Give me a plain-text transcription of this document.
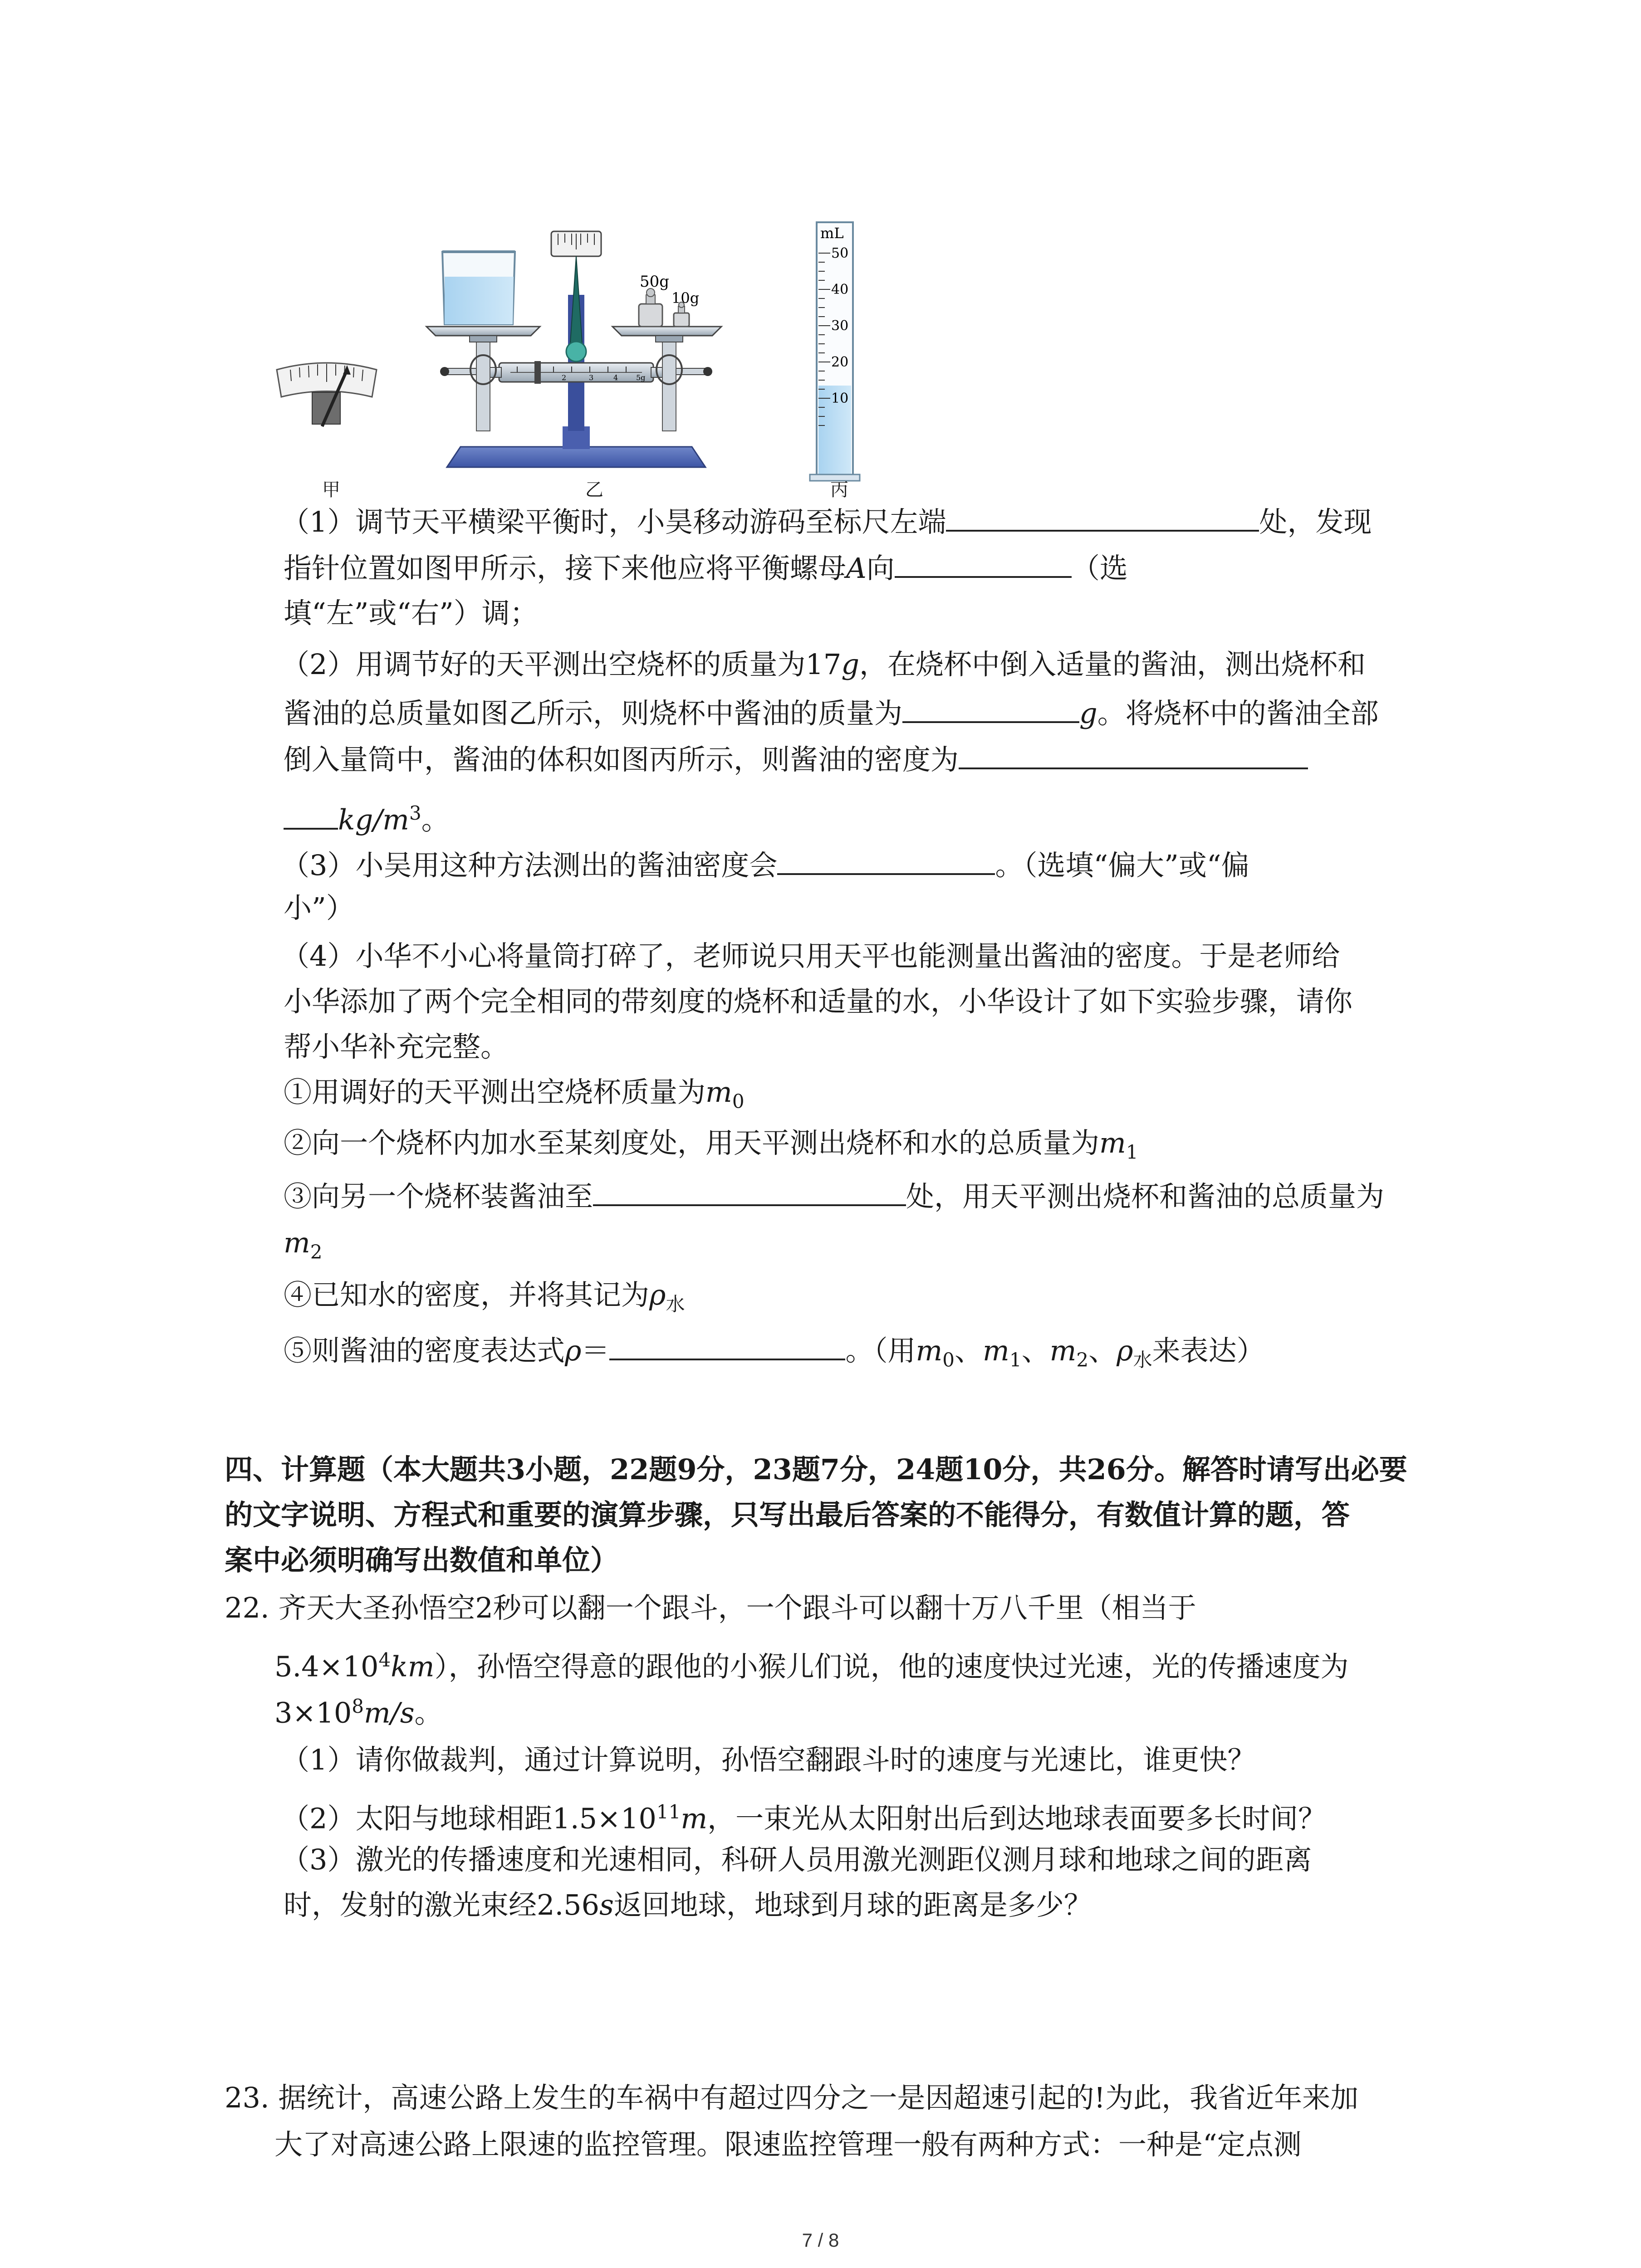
2	3	4 5g
50g
10g
mL
50
40
30
20
10
甲	乙	丙
（1）调节天平横梁平衡时，小昊移动游码至标尺左端	处，发现
指针位置如图甲所示，接下来他应将平衡螺母A向	（选
填“左”或“右”）调；
（2）用调节好的天平测出空烧杯的质量为17g，在烧杯中倒入适量的酱油，测出烧杯和
酱油的总质量如图乙所示，则烧杯中酱油的质量为	g。将烧杯中的酱油全部
倒入量筒中，酱油的体积如图丙所示，则酱油的密度为
$kg/m^3$。
（3）小吴用这种方法测出的酱油密度会	。（选填“偏大”或“偏
小”）
（4）小华不小心将量筒打碎了，老师说只用天平也能测量出酱油的密度。于是老师给
小华添加了两个完全相同的带刻度的烧杯和适量的水，小华设计了如下实验步骤，请你
帮小华补充完整。
①用调好的天平测出空烧杯质量为$m_0$
②向一个烧杯内加水至某刻度处，用天平测出烧杯和水的总质量为$m_1$
③向另一个烧杯装酱油至	处，用天平测出烧杯和酱油的总质量为
$m_2$
④已知水的密度，并将其记为$\rho_水$
⑤则酱油的密度表达式ρ＝	。（用$m_0$、$m_1$、$m_2$、$\rho_水$来表达）
四、计算题（本大题共3小题，22题9分，23题7分，24题10分，共26分。解答时请写出必要
的文字说明、方程式和重要的演算步骤，只写出最后答案的不能得分，有数值计算的题，答
案中必须明确写出数值和单位）
22. 齐天大圣孙悟空2秒可以翻一个跟斗，一个跟斗可以翻十万八千里（相当于
$5.4\times 10^4km$），孙悟空得意的跟他的小猴儿们说，他的速度快过光速，光的传播速度为
$3\times 10^8m/s$。
（1）请你做裁判，通过计算说明，孙悟空翻跟斗时的速度与光速比，谁更快？
（2）太阳与地球相距$1.5\times 10^{11}m$，一束光从太阳射出后到达地球表面要多长时间？
（3）激光的传播速度和光速相同，科研人员用激光测距仪测月球和地球之间的距离
时，发射的激光束经2.56s返回地球，地球到月球的距离是多少？
23. 据统计，高速公路上发生的车祸中有超过四分之一是因超速引起的!为此，我省近年来加
大了对高速公路上限速的监控管理。限速监控管理一般有两种方式：一种是“定点测
7 / 8
